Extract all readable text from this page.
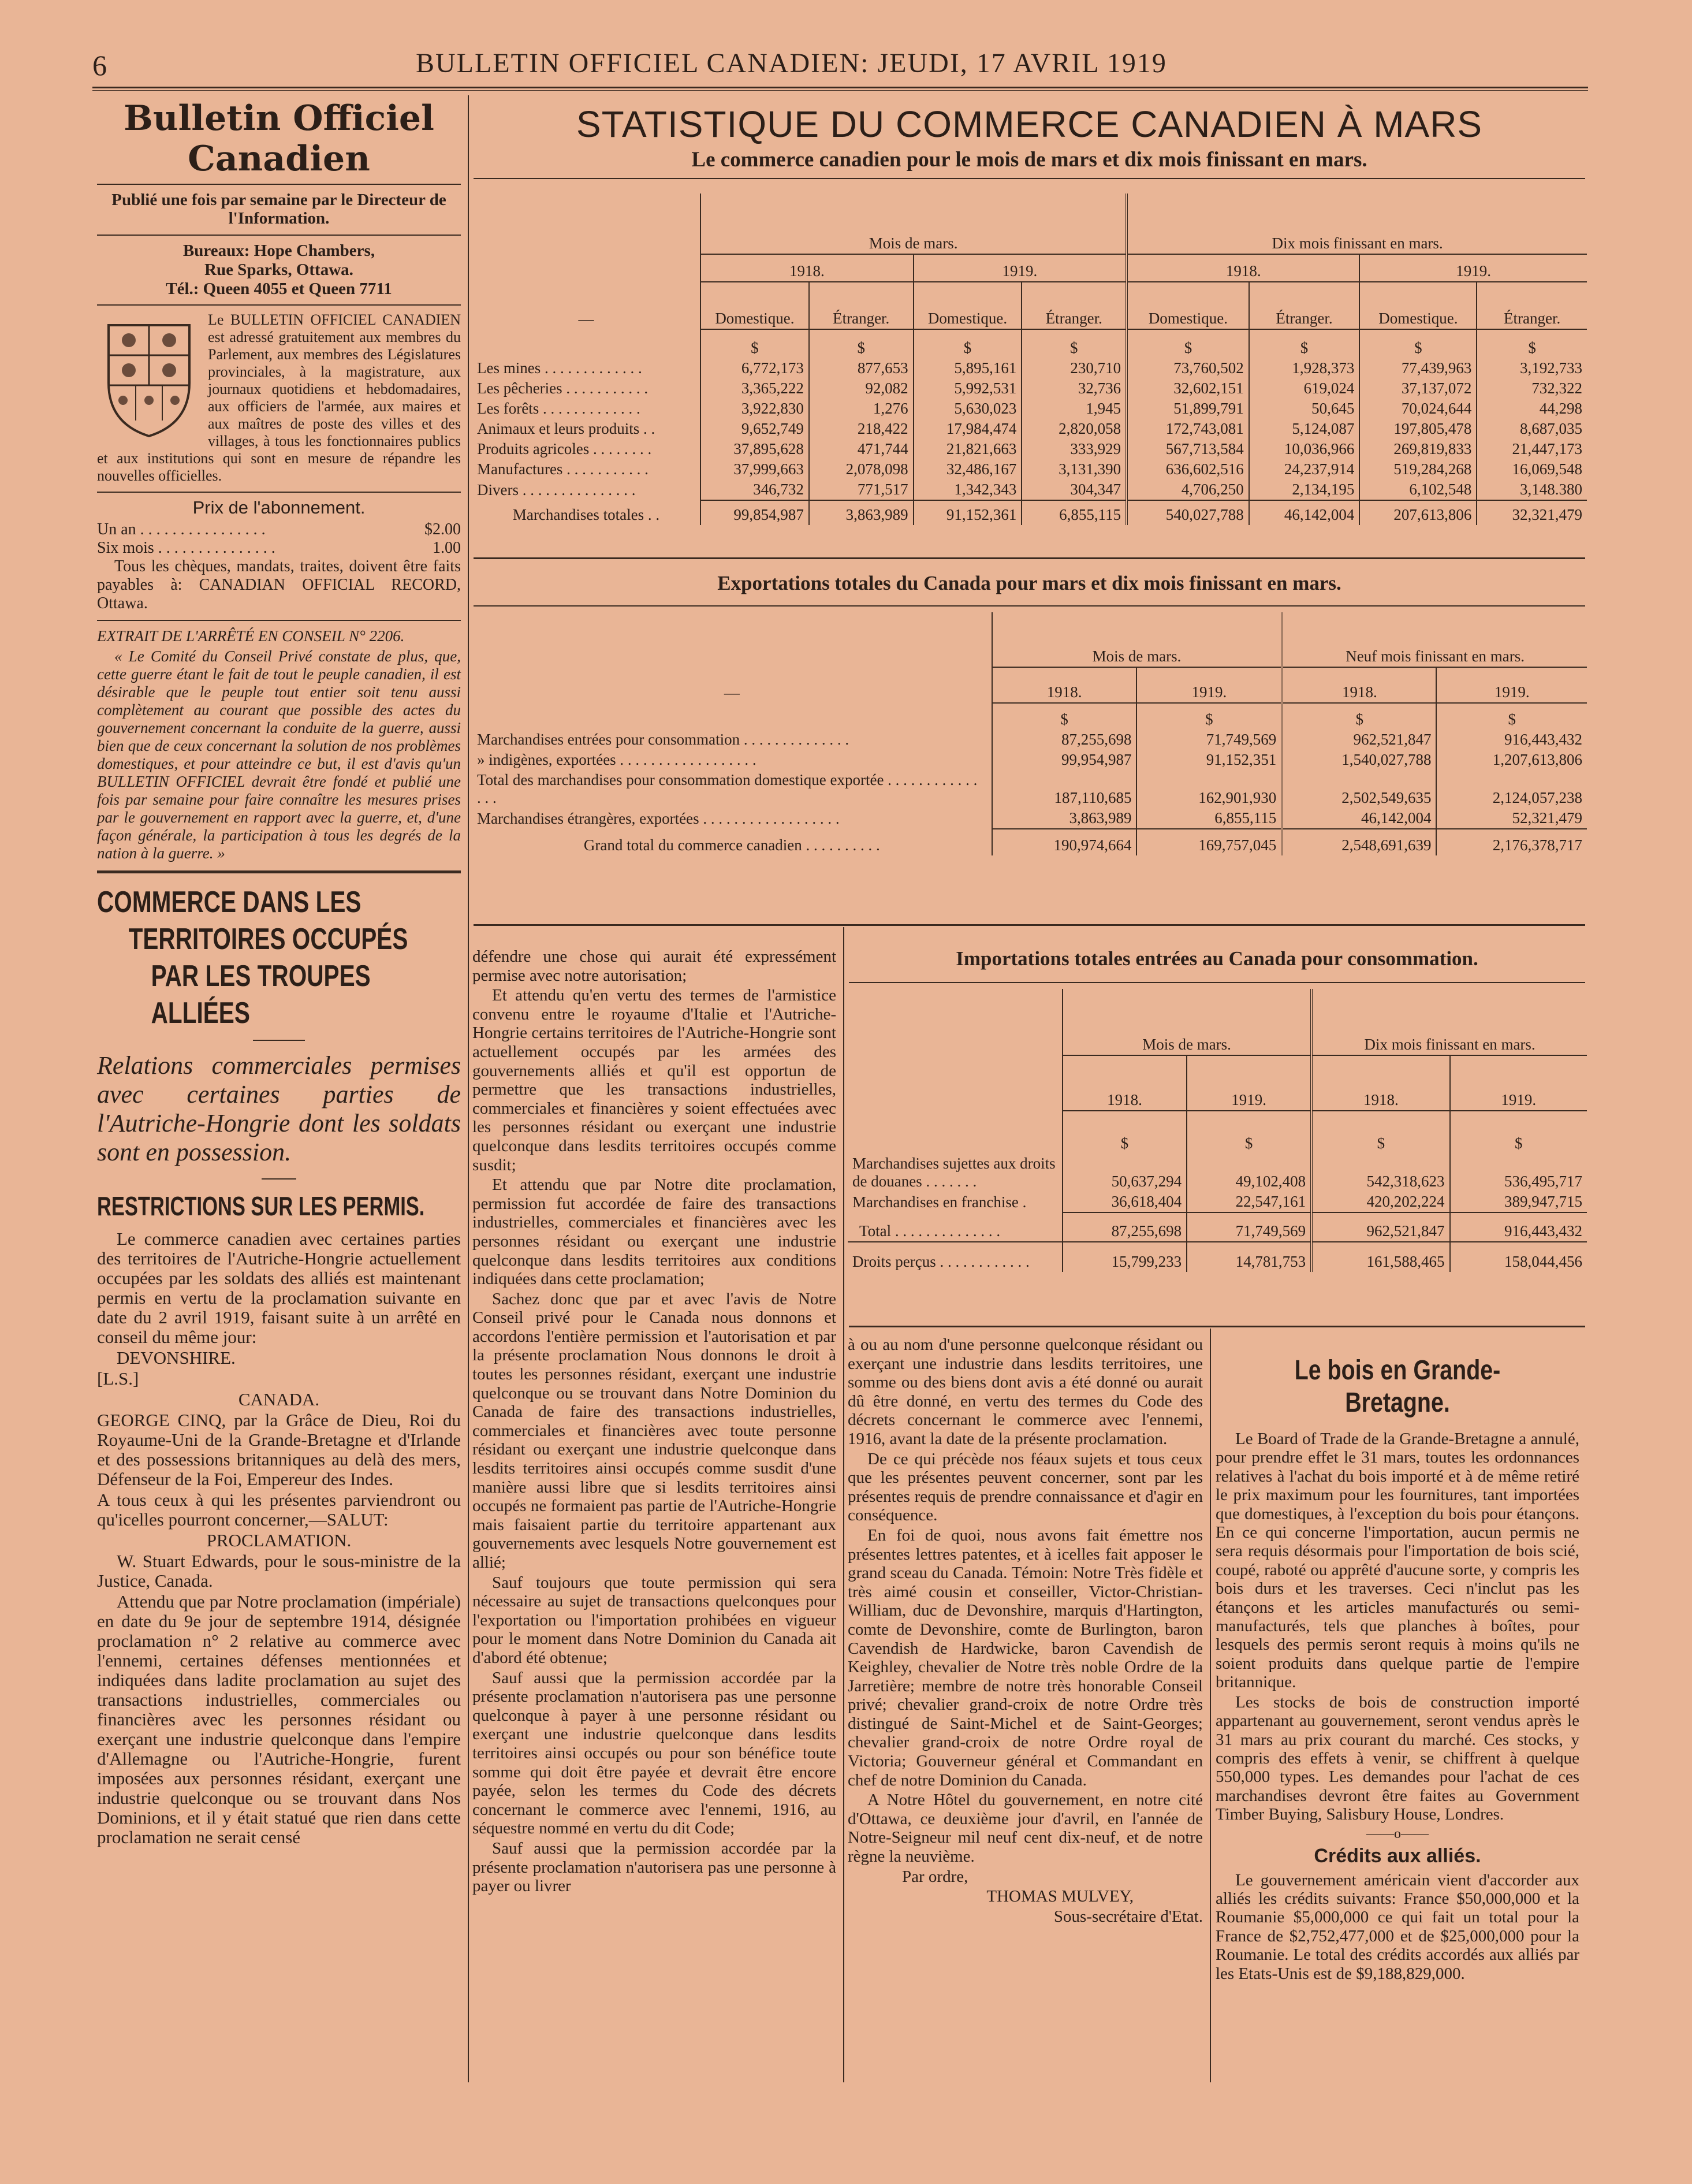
6	BULLETIN OFFICIEL CANADIEN: JEUDI, 17 AVRIL 1919
Bulletin Officiel Canadien
Publié une fois par semaine par le Directeur de l'Information.
Bureaux: Hope Chambers,
Rue Sparks, Ottawa.
Tél.: Queen 4055 et Queen 7711
Le BULLETIN OFFICIEL CANADIEN est adressé gratuitement aux membres du Parlement, aux membres des Législatures provinciales, à la magistrature, aux journaux quotidiens et hebdomadaires, aux officiers de l'armée, aux maires et aux maîtres de poste des villes et des villages, à tous les fonctionnaires publics et aux institutions qui sont en mesure de répandre les nouvelles officielles.
Prix de l'abonnement.
Un an . . . . . . . . . . . . . . . .	$2.00
Six mois . . . . . . . . . . . . . . .	1.00
Tous les chèques, mandats, traites, doivent être faits payables à: CANADIAN OFFICIAL RECORD, Ottawa.
EXTRAIT DE L'ARRÊTÉ EN CONSEIL N° 2206.
« Le Comité du Conseil Privé constate de plus, que, cette guerre étant le fait de tout le peuple canadien, il est désirable que le peuple tout entier soit tenu aussi complètement au courant que possible des actes du gouvernement concernant la conduite de la guerre, aussi bien que de ceux concernant la solution de nos problèmes domestiques, et pour atteindre ce but, il est d'avis qu'un BULLETIN OFFICIEL devrait être fondé et publié une fois par semaine pour faire connaître les mesures prises par le gouvernement en rapport avec la guerre, et, d'une façon générale, la participation à tous les degrés de la nation à la guerre. »
COMMERCE DANS LES
TERRITOIRES OCCUPÉS
PAR LES TROUPES ALLIÉES
Relations commerciales permises avec certaines parties de l'Autriche-Hongrie dont les soldats sont en possession.
RESTRICTIONS SUR LES PERMIS.

Le commerce canadien avec certaines parties des territoires de l'Autriche-Hongrie actuellement occupées par les soldats des alliés est maintenant permis en vertu de la proclamation suivante en date du 2 avril 1919, faisant suite à un arrêté en conseil du même jour:

DEVONSHIRE.

[L.S.]

CANADA.

GEORGE CINQ, par la Grâce de Dieu, Roi du Royaume-Uni de la Grande-Bretagne et d'Irlande et des possessions britanniques au delà des mers, Défenseur de la Foi, Empereur des Indes.

A tous ceux à qui les présentes parviendront ou qu'icelles pourront concerner,—SALUT:

PROCLAMATION.

W. Stuart Edwards, pour le sous-ministre de la Justice, Canada.

Attendu que par Notre proclamation (impériale) en date du 9e jour de septembre 1914, désignée proclamation n° 2 relative au commerce avec l'ennemi, certaines défenses mentionnées et indiquées dans ladite proclamation au sujet des transactions industrielles, commerciales ou financières avec les personnes résidant ou exerçant une industrie quelconque dans l'empire d'Allemagne ou l'Autriche-Hongrie, furent imposées aux personnes résidant, exerçant une industrie quelconque ou se trouvant dans Nos Dominions, et il y était statué que rien dans cette proclamation ne serait censé

STATISTIQUE DU COMMERCE CANADIEN À MARS
Le commerce canadien pour le mois de mars et dix mois finissant en mars.
—	Mois de mars.				Dix mois finissant en mars.			
	1918.		1919.		1918.		1919.	
	Domestique.	Étranger.	Domestique.	Étranger.	Domestique.	Étranger.	Domestique.	Étranger.
	$	$	$	$	$	$	$	$
Les mines . . . . . . . . . . . . .	6,772,173	877,653	5,895,161	230,710	73,760,502	1,928,373	77,439,963	3,192,733
Les pêcheries . . . . . . . . . . .	3,365,222	92,082	5,992,531	32,736	32,602,151	619,024	37,137,072	732,322
Les forêts . . . . . . . . . . . . .	3,922,830	1,276	5,630,023	1,945	51,899,791	50,645	70,024,644	44,298
Animaux et leurs produits . .	9,652,749	218,422	17,984,474	2,820,058	172,743,081	5,124,087	197,805,478	8,687,035
Produits agricoles . . . . . . . .	37,895,628	471,744	21,821,663	333,929	567,713,584	10,036,966	269,819,833	21,447,173
Manufactures . . . . . . . . . . .	37,999,663	2,078,098	32,486,167	3,131,390	636,602,516	24,237,914	519,284,268	16,069,548
Divers . . . . . . . . . . . . . . .	346,732	771,517	1,342,343	304,347	4,706,250	2,134,195	6,102,548	3,148.380
Marchandises totales . .	99,854,987	3,863,989	91,152,361	6,855,115	540,027,788	46,142,004	207,613,806	32,321,479
Exportations totales du Canada pour mars et dix mois finissant en mars.
—	Mois de mars.		Neuf mois finissant en mars.	
	1918.	1919.	1918.	1919.
	$	$	$	$
Marchandises entrées pour consommation . . . . . . . . . . . . . .	87,255,698	71,749,569	962,521,847	916,443,432
» indigènes, exportées . . . . . . . . . . . . . . . . . .	99,954,987	91,152,351	1,540,027,788	1,207,613,806
Total des marchandises pour consommation domestique exportée . . . . . . . . . . . . . . .	187,110,685	162,901,930	2,502,549,635	2,124,057,238
Marchandises étrangères, exportées . . . . . . . . . . . . . . . . . .	3,863,989	6,855,115	46,142,004	52,321,479
Grand total du commerce canadien . . . . . . . . . .	190,974,664	169,757,045	2,548,691,639	2,176,378,717
Importations totales entrées au Canada pour consommation.
	Mois de mars.		Dix mois finissant en mars.	
	1918.	1919.	1918.	1919.
	$	$	$	$
Marchandises sujettes aux droits de douanes . . . . . . .	50,637,294	49,102,408	542,318,623	536,495,717
Marchandises en franchise .	36,618,404	22,547,161	420,202,224	389,947,715
Total . . . . . . . . . . . . . .	87,255,698	71,749,569	962,521,847	916,443,432
Droits perçus . . . . . . . . . . . .	15,799,233	14,781,753	161,588,465	158,044,456

défendre une chose qui aurait été expressément permise avec notre autorisation;

Et attendu qu'en vertu des termes de l'armistice convenu entre le royaume d'Italie et l'Autriche-Hongrie certains territoires de l'Autriche-Hongrie sont actuellement occupés par les armées des gouvernements alliés et qu'il est opportun de permettre que les transactions industrielles, commerciales et financières y soient effectuées avec les personnes résidant ou exerçant une industrie quelconque dans lesdits territoires occupés comme susdit;

Et attendu que par Notre dite proclamation, permission fut accordée de faire des transactions industrielles, commerciales et financières avec les personnes résidant ou exerçant une industrie quelconque dans lesdits territoires aux conditions indiquées dans cette proclamation;

Sachez donc que par et avec l'avis de Notre Conseil privé pour le Canada nous donnons et accordons l'entière permission et l'autorisation et par la présente proclamation Nous donnons le droit à toutes les personnes résidant, exerçant une industrie quelconque ou se trouvant dans Notre Dominion du Canada de faire des transactions industrielles, commerciales et financières avec toute personne résidant ou exerçant une industrie quelconque dans lesdits territoires ainsi occupés comme susdit d'une manière aussi libre que si lesdits territoires ainsi occupés ne formaient pas partie de l'Autriche-Hongrie mais faisaient partie du territoire appartenant aux gouvernements avec lesquels Notre gouvernement est allié;

Sauf toujours que toute permission qui sera nécessaire au sujet de transactions quelconques pour l'exportation ou l'importation prohibées en vigueur pour le moment dans Notre Dominion du Canada ait d'abord été obtenue;

Sauf aussi que la permission accordée par la présente proclamation n'autorisera pas une personne quelconque à payer à une personne résidant ou exerçant une industrie quelconque dans lesdits territoires ainsi occupés ou pour son bénéfice toute somme qui doit être payée et devrait être encore payée, selon les termes du Code des décrets concernant le commerce avec l'ennemi, 1916, au séquestre nommé en vertu du dit Code;

Sauf aussi que la permission accordée par la présente proclamation n'autorisera pas une personne à payer ou livrer

à ou au nom d'une personne quelconque résidant ou exerçant une industrie dans lesdits territoires, une somme ou des biens dont avis a été donné ou aurait dû être donné, en vertu des termes du Code des décrets concernant le commerce avec l'ennemi, 1916, avant la date de la présente proclamation.

De ce qui précède nos féaux sujets et tous ceux que les présentes peuvent concerner, sont par les présentes requis de prendre connaissance et d'agir en conséquence.

En foi de quoi, nous avons fait émettre nos présentes lettres patentes, et à icelles fait apposer le grand sceau du Canada. Témoin: Notre Très fidèle et très aimé cousin et conseiller, Victor-Christian-William, duc de Devonshire, marquis d'Hartington, comte de Devonshire, comte de Burlington, baron Cavendish de Hardwicke, baron Cavendish de Keighley, chevalier de Notre très noble Ordre de la Jarretière; membre de notre très honorable Conseil privé; chevalier grand-croix de notre Ordre très distingué de Saint-Michel et de Saint-Georges; chevalier grand-croix de notre Ordre royal de Victoria; Gouverneur général et Commandant en chef de notre Dominion du Canada.

A Notre Hôtel du gouvernement, en notre cité d'Ottawa, ce deuxième jour d'avril, en l'année de Notre-Seigneur mil neuf cent dix-neuf, et de notre règne la neuvième.

Par ordre,

THOMAS MULVEY,

Sous-secrétaire d'Etat.

Le bois en Grande-Bretagne.

Le Board of Trade de la Grande-Bretagne a annulé, pour prendre effet le 31 mars, toutes les ordonnances relatives à l'achat du bois importé et à de même retiré le prix maximum pour les fournitures, tant importées que domestiques, à l'exception du bois pour étançons. En ce qui concerne l'importation, aucun permis ne sera requis désormais pour l'importation de bois scié, coupé, raboté ou apprêté d'aucune sorte, y compris les bois durs et les traverses. Ceci n'inclut pas les étançons et les articles manufacturés ou semi-manufacturés, tels que planches à boîtes, pour lesquels des permis seront requis à moins qu'ils ne soient produits dans quelque partie de l'empire britannique.

Les stocks de bois de construction importé appartenant au gouvernement, seront vendus après le 31 mars au prix courant du marché. Ces stocks, y compris des effets à venir, se chiffrent à quelque 550,000 types. Les demandes pour l'achat de ces marchandises devront être faites au Government Timber Buying, Salisbury House, Londres.

——o——
Crédits aux alliés.

Le gouvernement américain vient d'accorder aux alliés les crédits suivants: France $50,000,000 et la Roumanie $5,000,000 ce qui fait un total pour la France de $2,752,477,000 et de $25,000,000 pour la Roumanie. Le total des crédits accordés aux alliés par les Etats-Unis est de $9,188,829,000.
